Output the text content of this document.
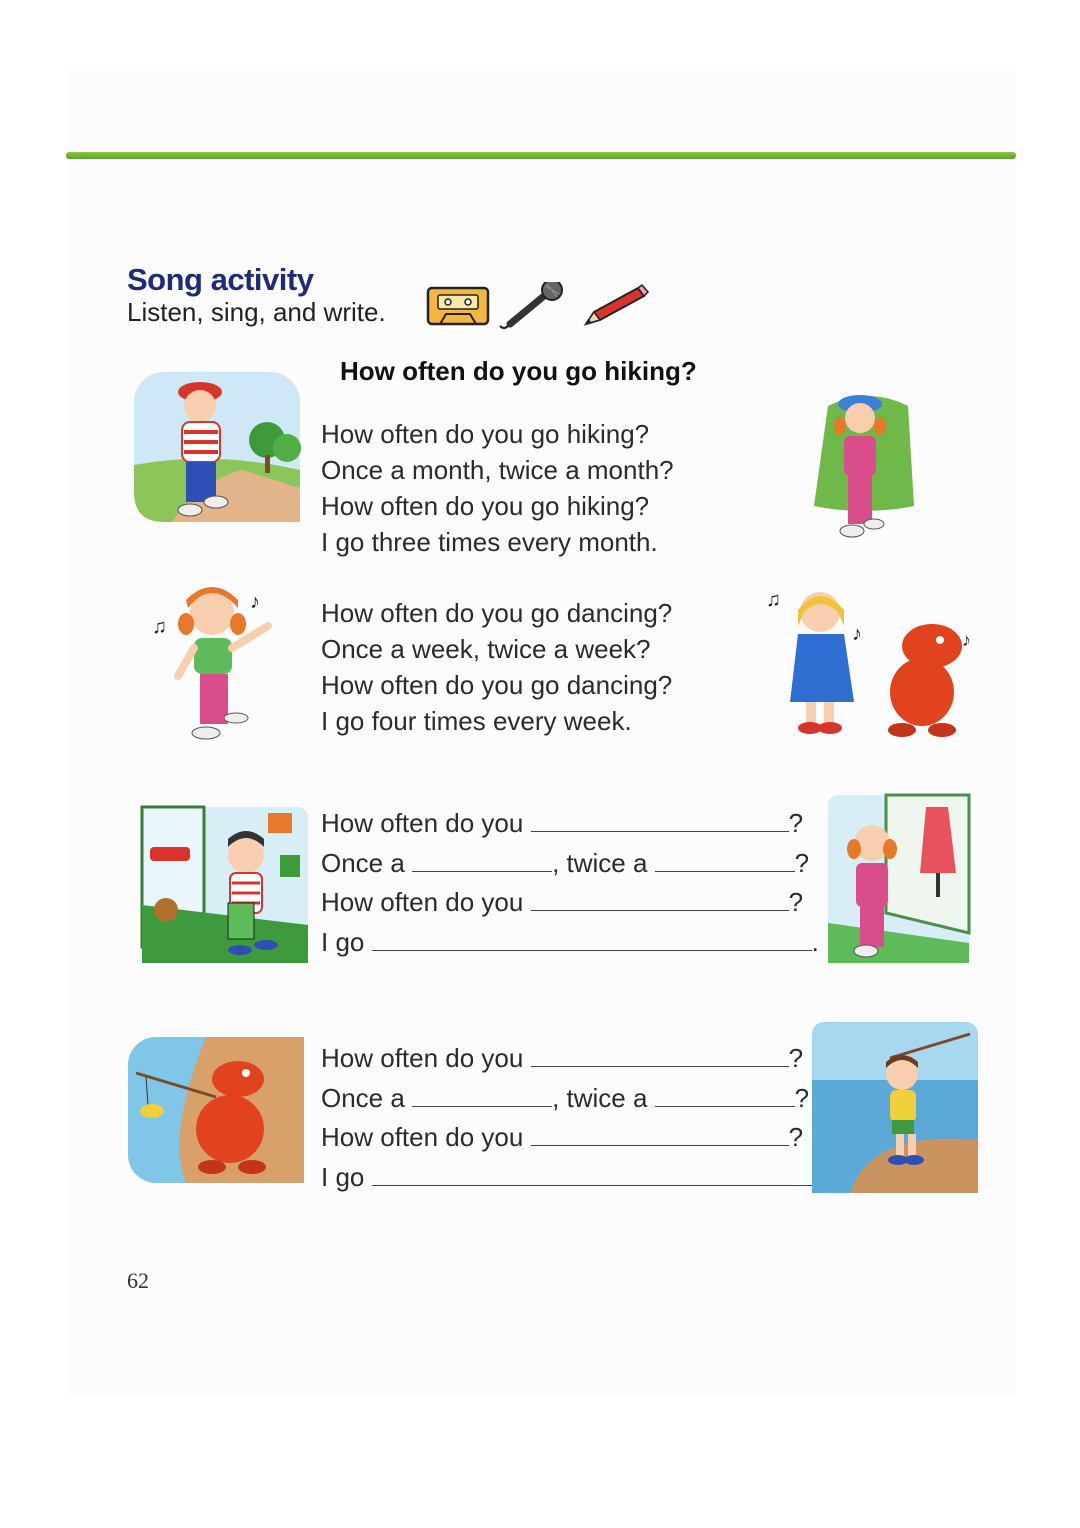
Song activity
Listen, sing, and write.
How often do you go hiking?
How often do you go hiking?
Once a month, twice a month?
How often do you go hiking?
I go three times every month.
How often do you go dancing?
Once a week, twice a week?
How often do you go dancing?
I go four times every week.
How often do you	?
Once a	, twice a	?
How often do you	?
I go	.
How often do you	?
Once a	, twice a	?
How often do you	?
I go
♫
♪	♫
♪	♪
62
